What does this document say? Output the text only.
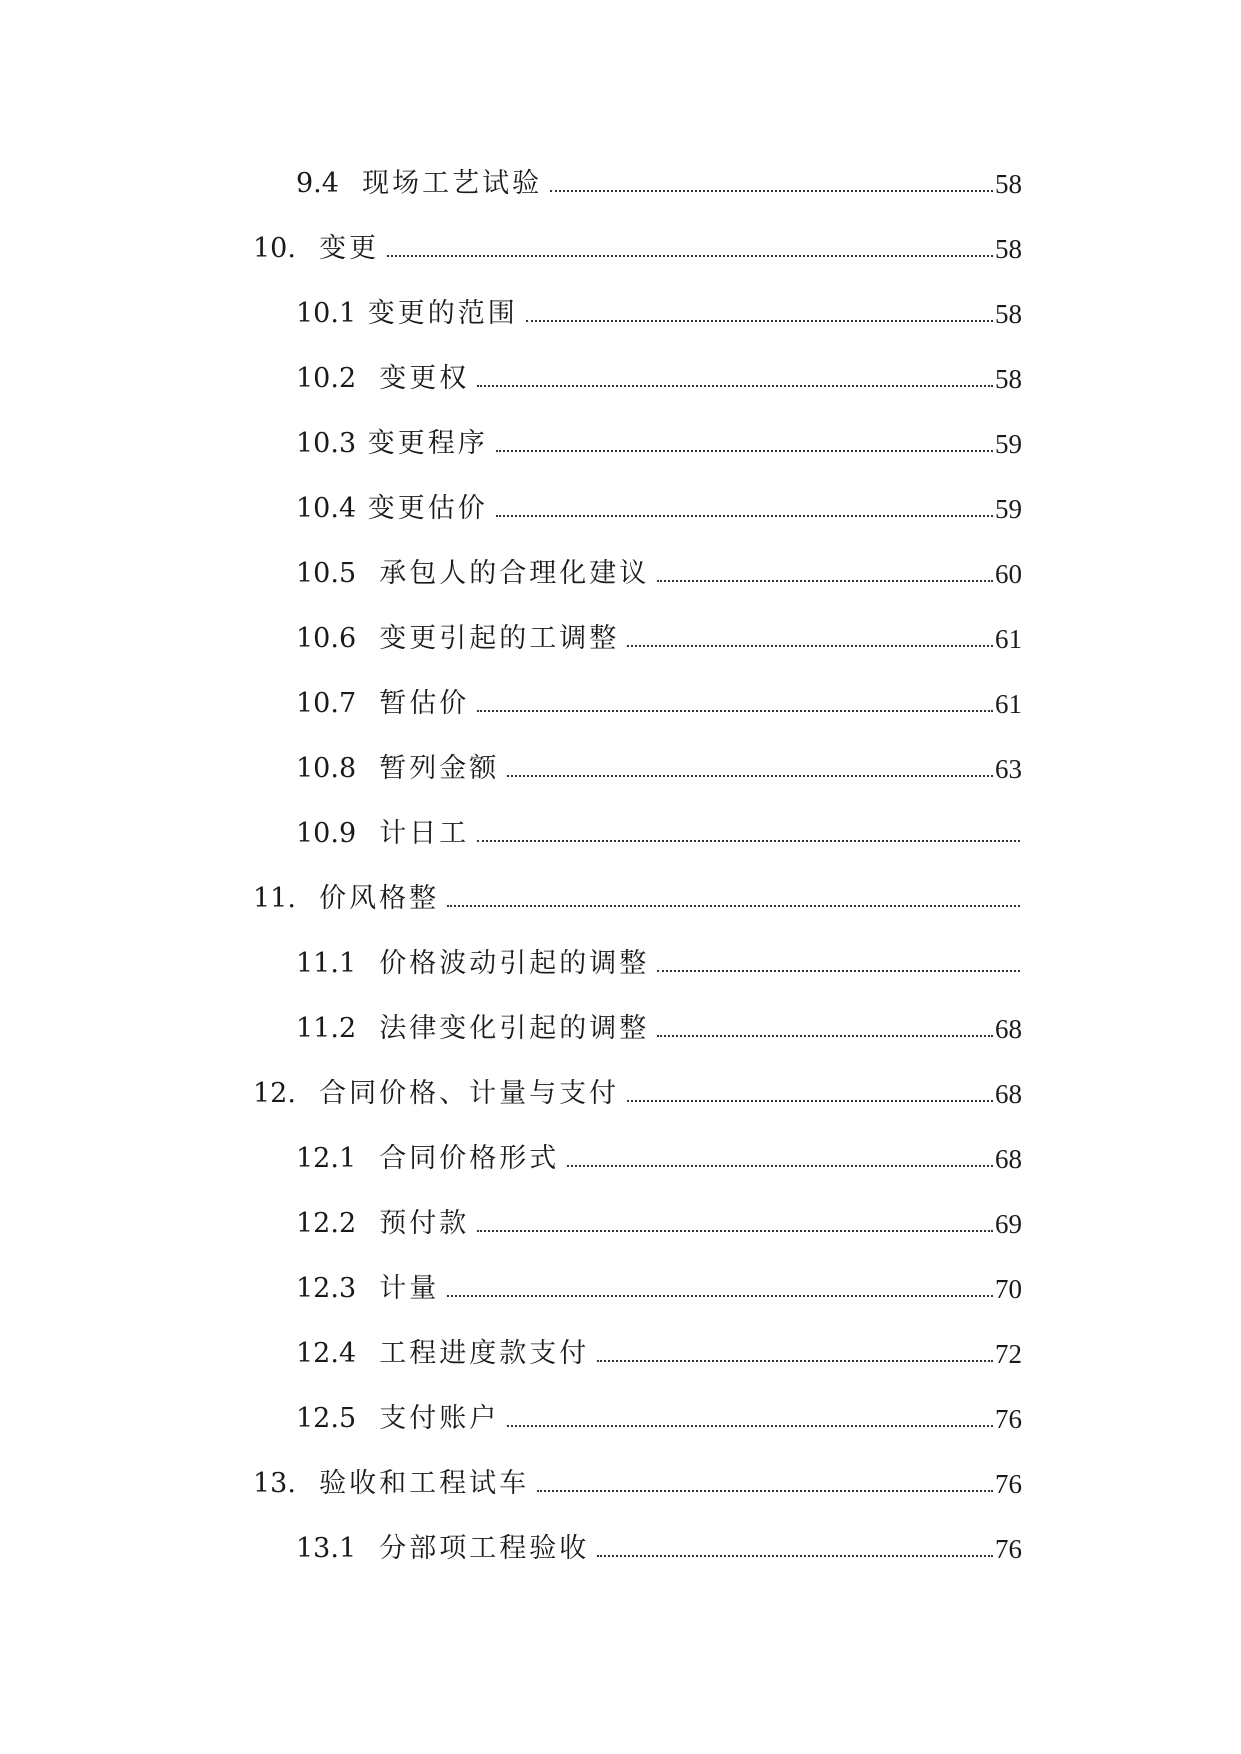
9.4 现场工艺试验	58
10. 变更	58
10.1 变更的范围	58
10.2 变更权	58
10.3 变更程序	59
10.4 变更估价	59
10.5 承包人的合理化建议	60
10.6 变更引起的工调整	61
10.7 暂估价	61
10.8 暂列金额	63
10.9 计日工
11. 价风格整
11.1 价格波动引起的调整
11.2 法律变化引起的调整	68
12. 合同价格、计量与支付	68
12.1 合同价格形式	68
12.2 预付款	69
12.3 计量	70
12.4 工程进度款支付	72
12.5 支付账户	76
13. 验收和工程试车	76
13.1 分部项工程验收	76
